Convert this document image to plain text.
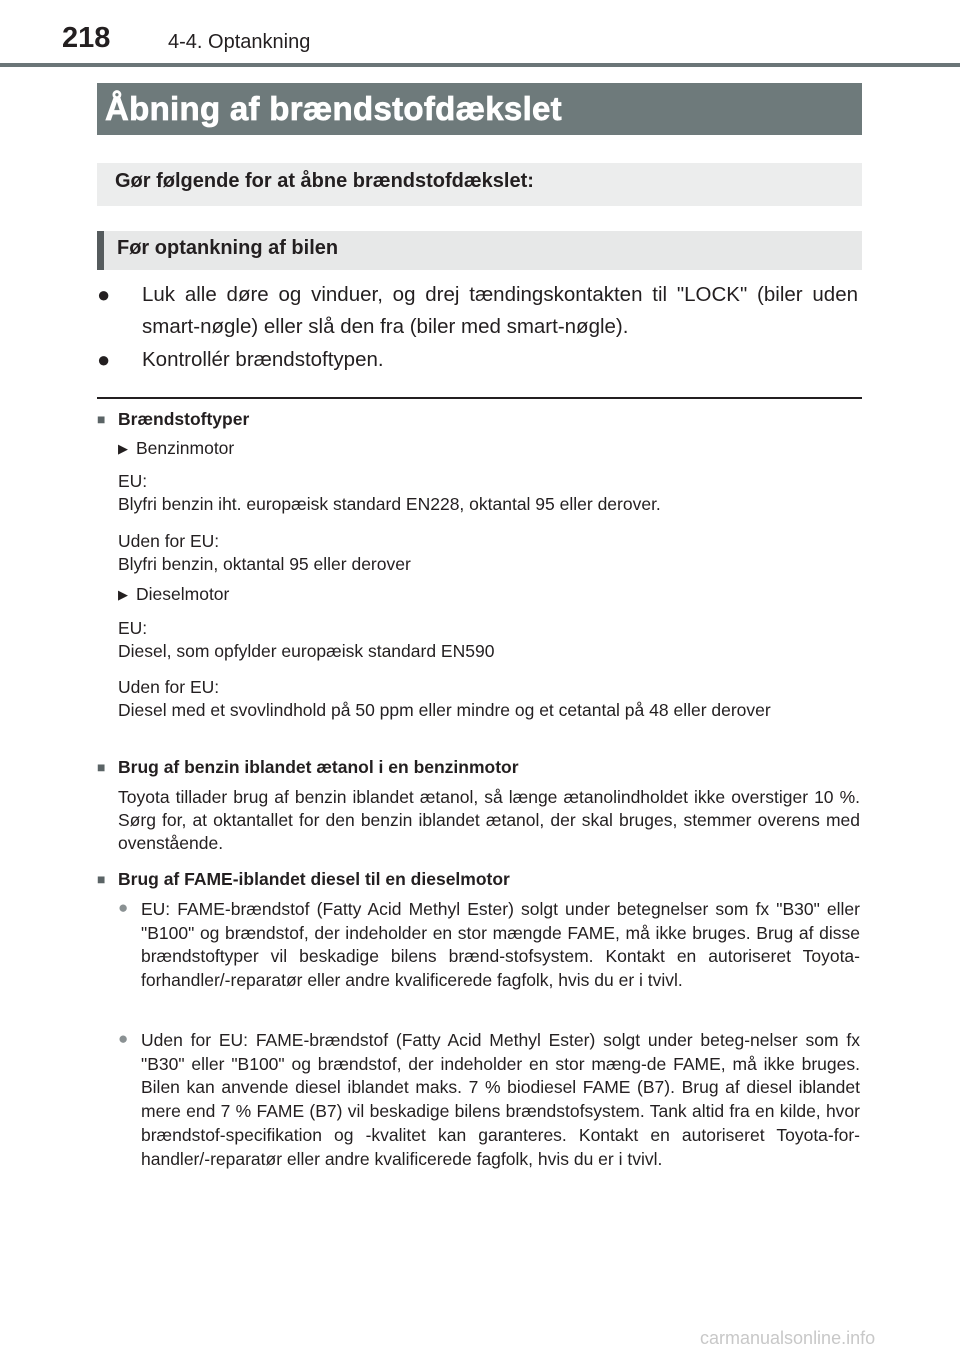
218	4-4. Optankning
Åbning af brændstofdækslet
Gør følgende for at åbne brændstofdækslet:
Før optankning af bilen
● Luk alle døre og vinduer, og drej tændingskontakten til "LOCK" (biler uden smart-nøgle) eller slå den fra (biler med smart-nøgle).
● Kontrollér brændstoftypen.
■ Brændstoftyper
▶ Benzinmotor
EU:
Blyfri benzin iht. europæisk standard EN228, oktantal 95 eller derover.
Uden for EU:
Blyfri benzin, oktantal 95 eller derover
▶ Dieselmotor
EU:
Diesel, som opfylder europæisk standard EN590
Uden for EU:
Diesel med et svovlindhold på 50 ppm eller mindre og et cetantal på 48 eller derover
■ Brug af benzin iblandet ætanol i en benzinmotor
Toyota tillader brug af benzin iblandet ætanol, så længe ætanolindholdet ikke overstiger 10 %. Sørg for, at oktantallet for den benzin iblandet ætanol, der skal bruges, stemmer overens med ovenstående.
■ Brug af FAME-iblandet diesel til en dieselmotor
● EU: FAME-brændstof (Fatty Acid Methyl Ester) solgt under betegnelser som fx "B30" eller "B100" og brændstof, der indeholder en stor mængde FAME, må ikke bruges. Brug af disse brændstoftyper vil beskadige bilens brænd-stofsystem. Kontakt en autoriseret Toyota-forhandler/-reparatør eller andre kvalificerede fagfolk, hvis du er i tvivl.
● Uden for EU: FAME-brændstof (Fatty Acid Methyl Ester) solgt under beteg-nelser som fx "B30" eller "B100" og brændstof, der indeholder en stor mæng-de FAME, må ikke bruges. Bilen kan anvende diesel iblandet maks. 7 % biodiesel FAME (B7). Brug af diesel iblandet mere end 7 % FAME (B7) vil beskadige bilens brændstofsystem. Tank altid fra en kilde, hvor brændstof-specifikation og -kvalitet kan garanteres. Kontakt en autoriseret Toyota-for-handler/-reparatør eller andre kvalificerede fagfolk, hvis du er i tvivl.
carmanualsonline.info
